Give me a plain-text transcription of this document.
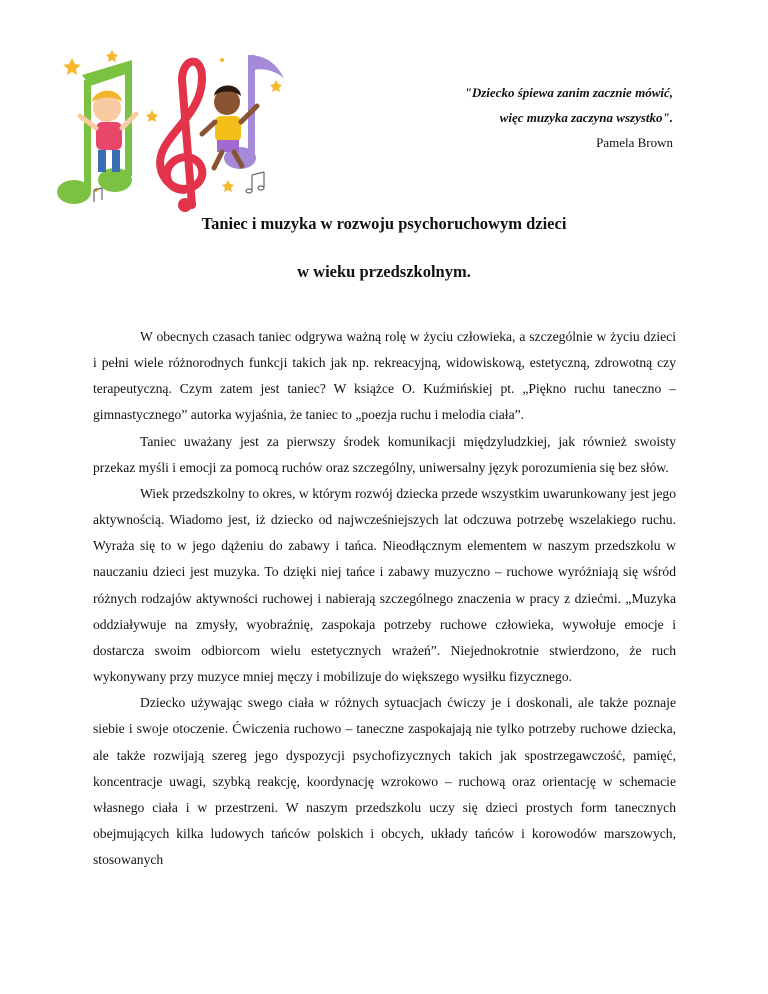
"Dziecko śpiewa zanim zacznie mówić,
więc muzyka zaczyna wszystko".
Pamela Brown
Taniec i muzyka w rozwoju psychoruchowym dzieci
w wieku przedszkolnym.

W obecnych czasach taniec odgrywa ważną rolę w życiu człowieka, a szczególnie w życiu dzieci i pełni wiele różnorodnych funkcji takich jak np. rekreacyjną, widowiskową, estetyczną, zdrowotną czy terapeutyczną. Czym zatem jest taniec? W książce O. Kuźmińskiej pt. „Piękno ruchu taneczno – gimnastycznego” autorka wyjaśnia, że taniec to „poezja ruchu i melodia ciała”.

Taniec uważany jest za pierwszy środek komunikacji międzyludzkiej, jak również swoisty przekaz myśli i emocji za pomocą ruchów oraz szczególny, uniwersalny język porozumienia się bez słów.

Wiek przedszkolny to okres, w którym rozwój dziecka przede wszystkim uwarunkowany jest jego aktywnością. Wiadomo jest, iż dziecko od najwcześniejszych lat odczuwa potrzebę wszelakiego ruchu. Wyraża się to w jego dążeniu do zabawy i tańca. Nieodłącznym elementem w naszym przedszkolu w nauczaniu dzieci jest muzyka. To dzięki niej tańce i zabawy muzyczno – ruchowe wyróżniają się wśród różnych rodzajów aktywności ruchowej i nabierają szczególnego znaczenia w pracy z dziećmi. „Muzyka oddziaływuje na zmysły, wyobraźnię, zaspokaja potrzeby ruchowe człowieka, wywołuje emocje i dostarcza swoim odbiorcom wielu estetycznych wrażeń”. Niejednokrotnie stwierdzono, że ruch wykonywany przy muzyce mniej męczy i mobilizuje do większego wysiłku fizycznego.

Dziecko używając swego ciała w różnych sytuacjach ćwiczy je i doskonali, ale także poznaje siebie i swoje otoczenie. Ćwiczenia ruchowo – taneczne zaspokajają nie tylko potrzeby ruchowe dziecka, ale także rozwijają szereg jego dyspozycji psychofizycznych takich jak spostrzegawczość, pamięć, koncentracje uwagi, szybką reakcję, koordynację wzrokowo – ruchową oraz orientację w schemacie własnego ciała i w przestrzeni. W naszym przedszkolu uczy się dzieci prostych form tanecznych obejmujących kilka ludowych tańców polskich i obcych, układy tańców i korowodów marszowych, stosowanych
